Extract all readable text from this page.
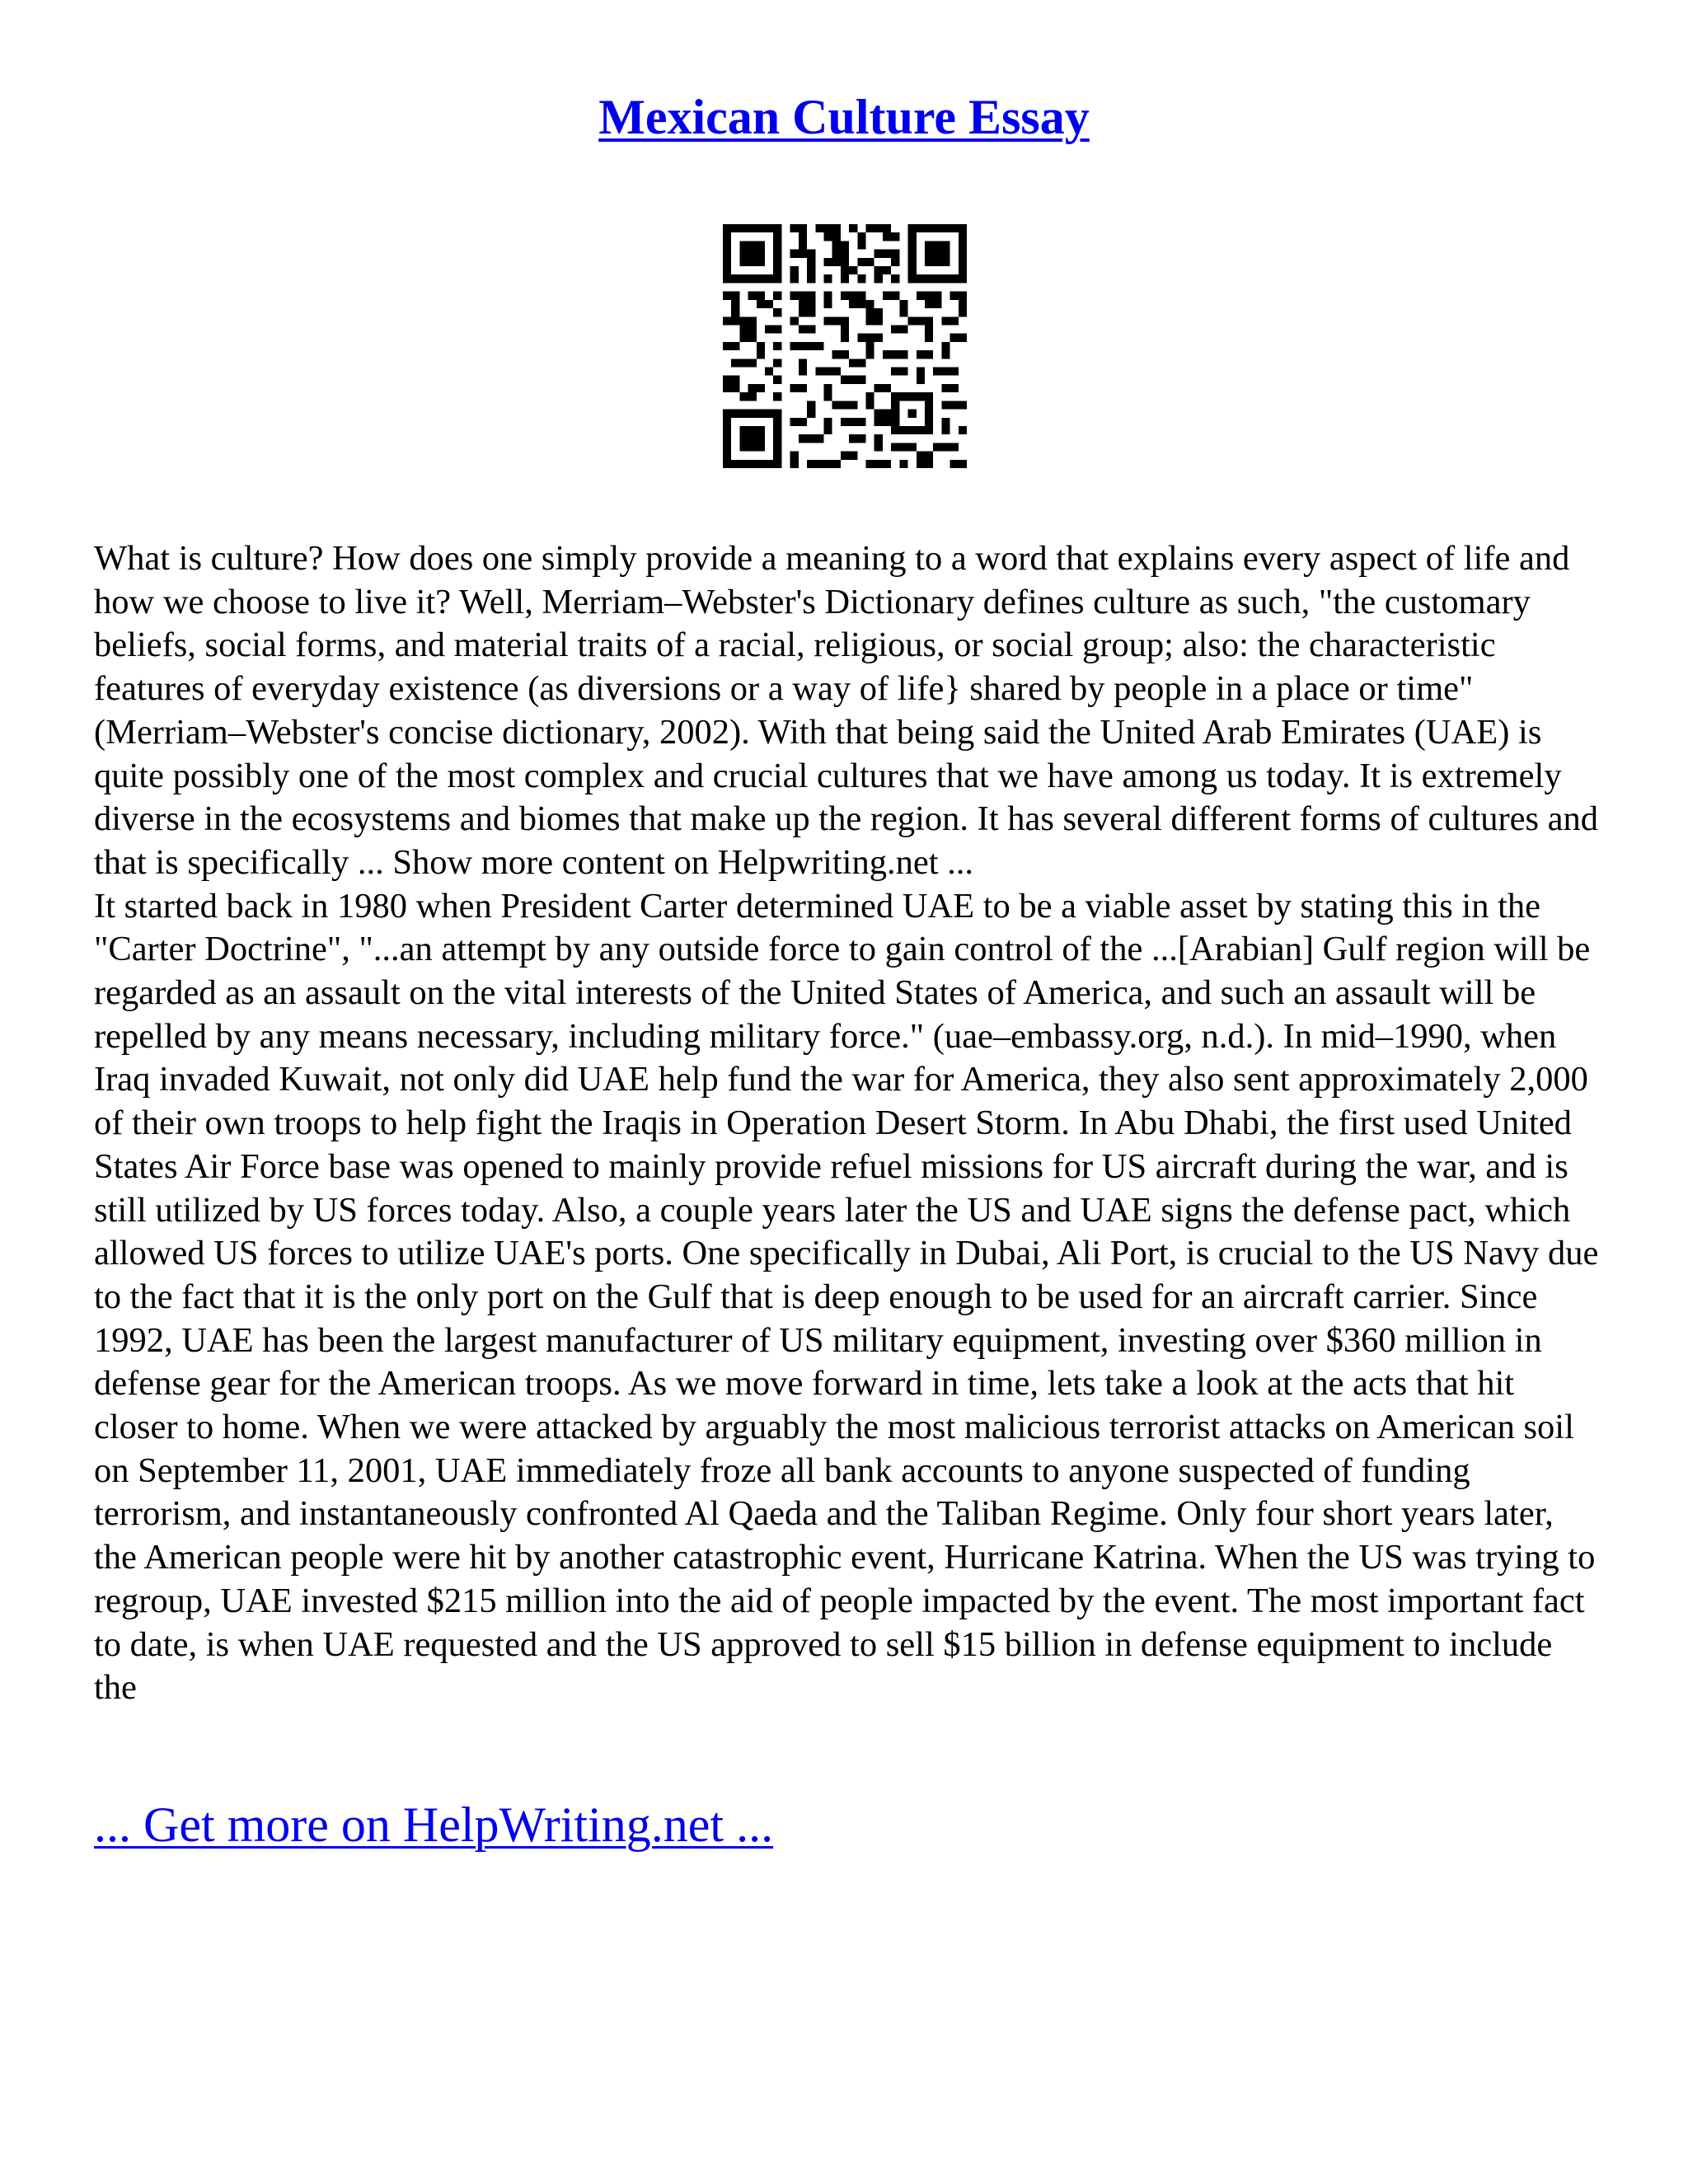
Mexican Culture Essay

What is culture? How does one simply provide a meaning to a word that explains every aspect of life and how we choose to live it? Well, Merriam–Webster's Dictionary defines culture as such, "the customary beliefs, social forms, and material traits of a racial, religious, or social group; also: the characteristic features of everyday existence (as diversions or a way of life} shared by people in a place or time" (Merriam–Webster's concise dictionary, 2002). With that being said the United Arab Emirates (UAE) is quite possibly one of the most complex and crucial cultures that we have among us today. It is extremely diverse in the ecosystems and biomes that make up the region. It has several different forms of cultures and that is specifically ... Show more content on Helpwriting.net ...

It started back in 1980 when President Carter determined UAE to be a viable asset by stating this in the "Carter Doctrine", "...an attempt by any outside force to gain control of the ...[Arabian] Gulf region will be regarded as an assault on the vital interests of the United States of America, and such an assault will be repelled by any means necessary, including military force." (uae–embassy.org, n.d.). In mid–1990, when Iraq invaded Kuwait, not only did UAE help fund the war for America, they also sent approximately 2,000 of their own troops to help fight the Iraqis in Operation Desert Storm. In Abu Dhabi, the first used United States Air Force base was opened to mainly provide refuel missions for US aircraft during the war, and is still utilized by US forces today. Also, a couple years later the US and UAE signs the defense pact, which allowed US forces to utilize UAE's ports. One specifically in Dubai, Ali Port, is crucial to the US Navy due to the fact that it is the only port on the Gulf that is deep enough to be used for an aircraft carrier. Since 1992, UAE has been the largest manufacturer of US military equipment, investing over $360 million in defense gear for the American troops. As we move forward in time, lets take a look at the acts that hit closer to home. When we were attacked by arguably the most malicious terrorist attacks on American soil on September 11, 2001, UAE immediately froze all bank accounts to anyone suspected of funding terrorism, and instantaneously confronted Al Qaeda and the Taliban Regime. Only four short years later, the American people were hit by another catastrophic event, Hurricane Katrina. When the US was trying to regroup, UAE invested $215 million into the aid of people impacted by the event. The most important fact to date, is when UAE requested and the US approved to sell $15 billion in defense equipment to include the

... Get more on HelpWriting.net ...
